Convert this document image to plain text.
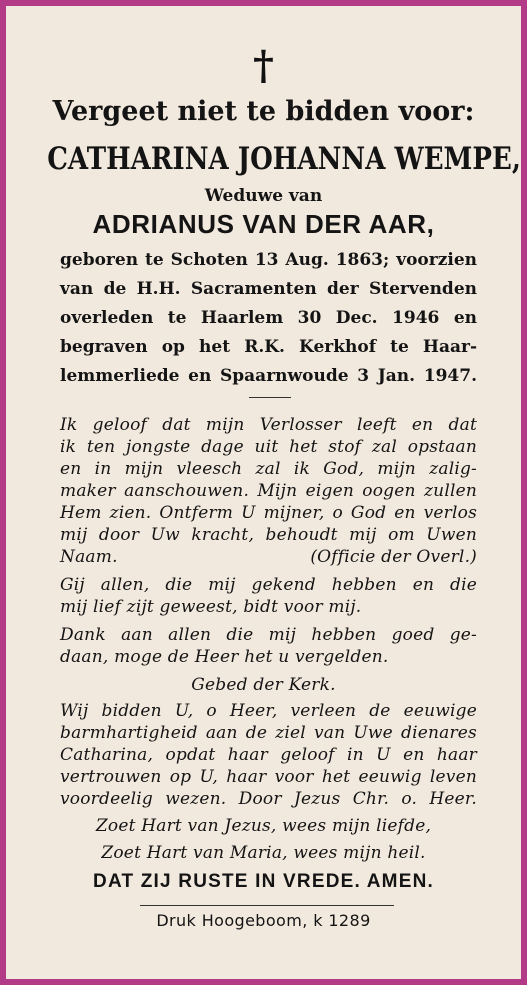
†
Vergeet niet te bidden voor:
CATHARINA JOHANNA WEMPE,
Weduwe van
ADRIANUS VAN DER AAR,
geboren te Schoten 13 Aug. 1863; voorzien
van de H.H. Sacramenten der Stervenden
overleden te Haarlem 30 Dec. 1946 en
begraven op het R.K. Kerkhof te Haar-
lemmerliede en Spaarnwoude 3 Jan. 1947.
Ik geloof dat mijn Verlosser leeft en dat
ik ten jongste dage uit het stof zal opstaan
en in mijn vleesch zal ik God, mijn zalig-
maker aanschouwen. Mijn eigen oogen zullen
Hem zien. Ontferm U mijner, o God en verlos
mij door Uw kracht, behoudt mij om Uwen
Naam.	(Officie der Overl.)
Gij allen, die mij gekend hebben en die
mij lief zijt geweest, bidt voor mij.
Dank aan allen die mij hebben goed ge-
daan, moge de Heer het u vergelden.
Gebed der Kerk.
Wij bidden U, o Heer, verleen de eeuwige
barmhartigheid aan de ziel van Uwe dienares
Catharina, opdat haar geloof in U en haar
vertrouwen op U, haar voor het eeuwig leven
voordeelig wezen. Door Jezus Chr. o. Heer.
Zoet Hart van Jezus, wees mijn liefde,
Zoet Hart van Maria, wees mijn heil.
DAT ZIJ RUSTE IN VREDE. AMEN.
Druk Hoogeboom, k 1289
